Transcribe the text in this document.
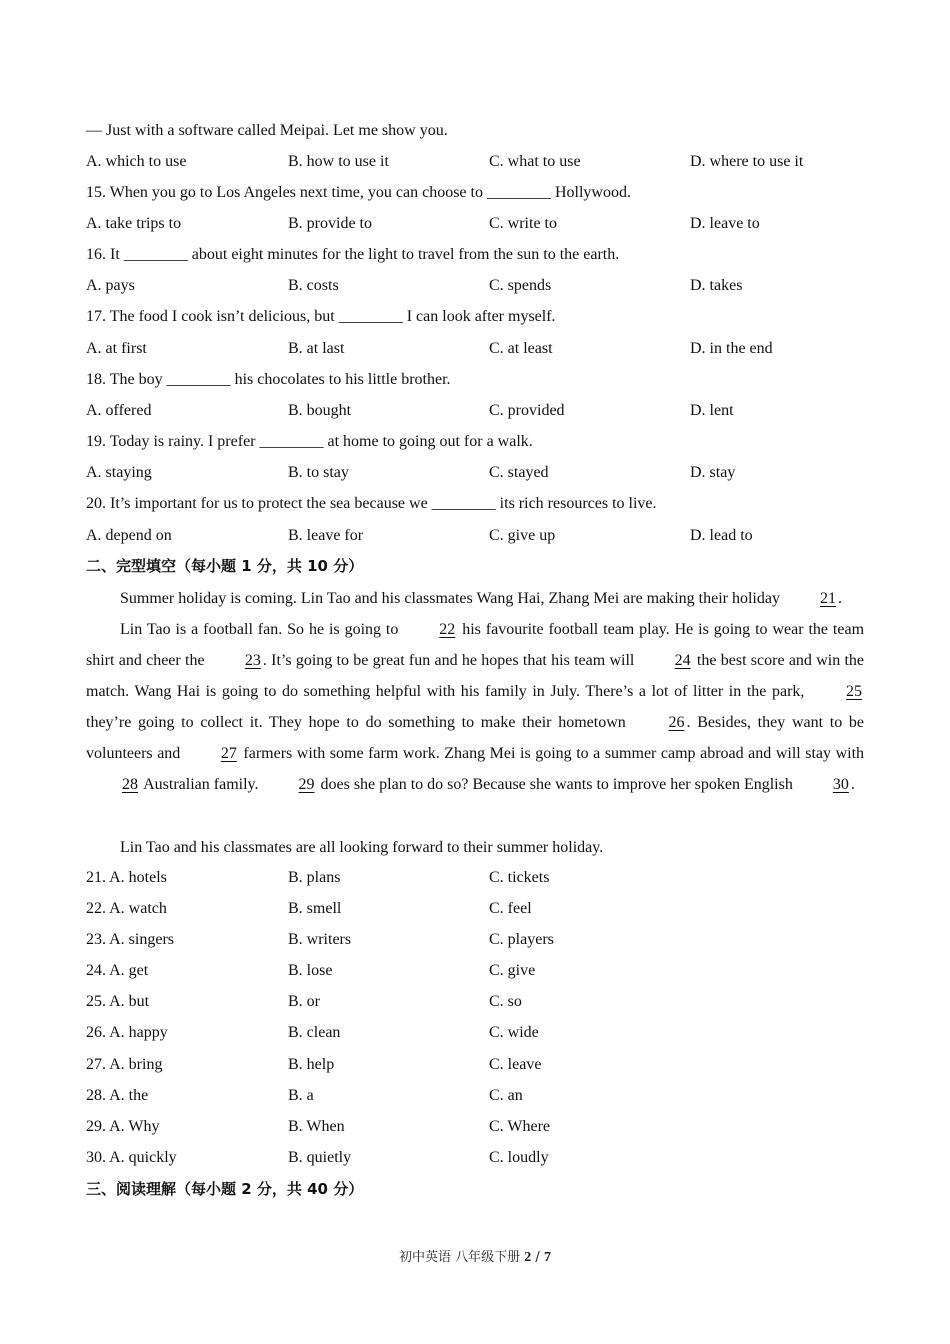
— Just with a software called Meipai. Let me show you.
A. which to use	B. how to use it	C. what to use	D. where to use it
15. When you go to Los Angeles next time, you can choose to ________ Hollywood.
A. take trips to	B. provide to	C. write to	D. leave to
16. It ________ about eight minutes for the light to travel from the sun to the earth.
A. pays	B. costs	C. spends	D. takes
17. The food I cook isn’t delicious, but ________ I can look after myself.
A. at first	B. at last	C. at least	D. in the end
18. The boy ________ his chocolates to his little brother.
A. offered	B. bought	C. provided	D. lent
19. Today is rainy. I prefer ________ at home to going out for a walk.
A. staying	B. to stay	C. stayed	D. stay
20. It’s important for us to protect the sea because we ________ its rich resources to live.
A. depend on	B. leave for	C. give up	D. lead to
二、完型填空（每小题 1 分，共 10 分）

Summer holiday is coming. Lin Tao and his classmates Wang Hai, Zhang Mei are making their holiday	21 .

Lin Tao is a football fan. So he is going to	22 his favourite football team play. He is going to wear the team shirt and cheer the	23 . It’s going to be great fun and he hopes that his team will	24 the best score and win the match. Wang Hai is going to do something helpful with his family in July. There’s a lot of litter in the park,	25 they’re going to collect it. They hope to do something to make their hometown	26 . Besides, they want to be volunteers and	27 farmers with some farm work. Zhang Mei is going to a summer camp abroad and will stay with 28 Australian family.	29 does she plan to do so? Because she wants to improve her spoken English	30 .

Lin Tao and his classmates are all looking forward to their summer holiday.

21. A. hotels	B. plans	C. tickets
22. A. watch	B. smell	C. feel
23. A. singers	B. writers	C. players
24. A. get	B. lose	C. give
25. A. but	B. or	C. so
26. A. happy	B. clean	C. wide
27. A. bring	B. help	C. leave
28. A. the	B. a	C. an
29. A. Why	B. When	C. Where
30. A. quickly	B. quietly	C. loudly
三、阅读理解（每小题 2 分，共 40 分）
初中英语 八年级下册 2 / 7
